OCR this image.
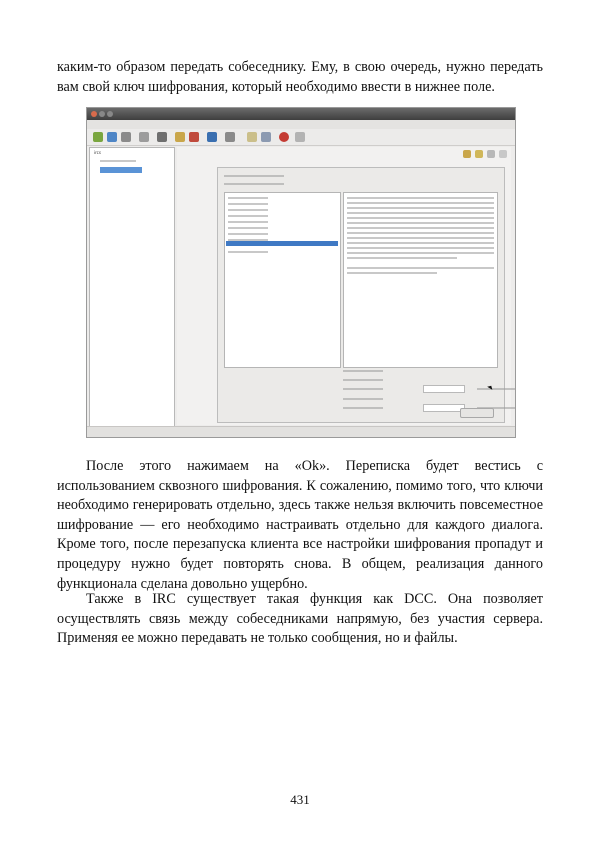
каким-то образом передать собеседнику. Ему, в свою очередь, нужно передать вам свой ключ шифрования, который необходимо ввести в нижнее поле.

ircs

После этого нажимаем на «Ok». Переписка будет вестись с использованием сквозного шифрования. К сожалению, помимо того, что ключи необходимо генерировать отдельно, здесь также нельзя включить повсеместное шифрование — его необходимо настраивать отдельно для каждого диалога. Кроме того, после перезапуска клиента все настройки шифрования пропадут и процедуру нужно будет повторять снова. В общем, реализация данного функционала сделана довольно ущербно.

Также в IRC существует такая функция как DCC. Она позволяет осуществлять связь между собеседниками напрямую, без участия сервера. Применяя ее можно передавать не только сообщения, но и файлы.

431
